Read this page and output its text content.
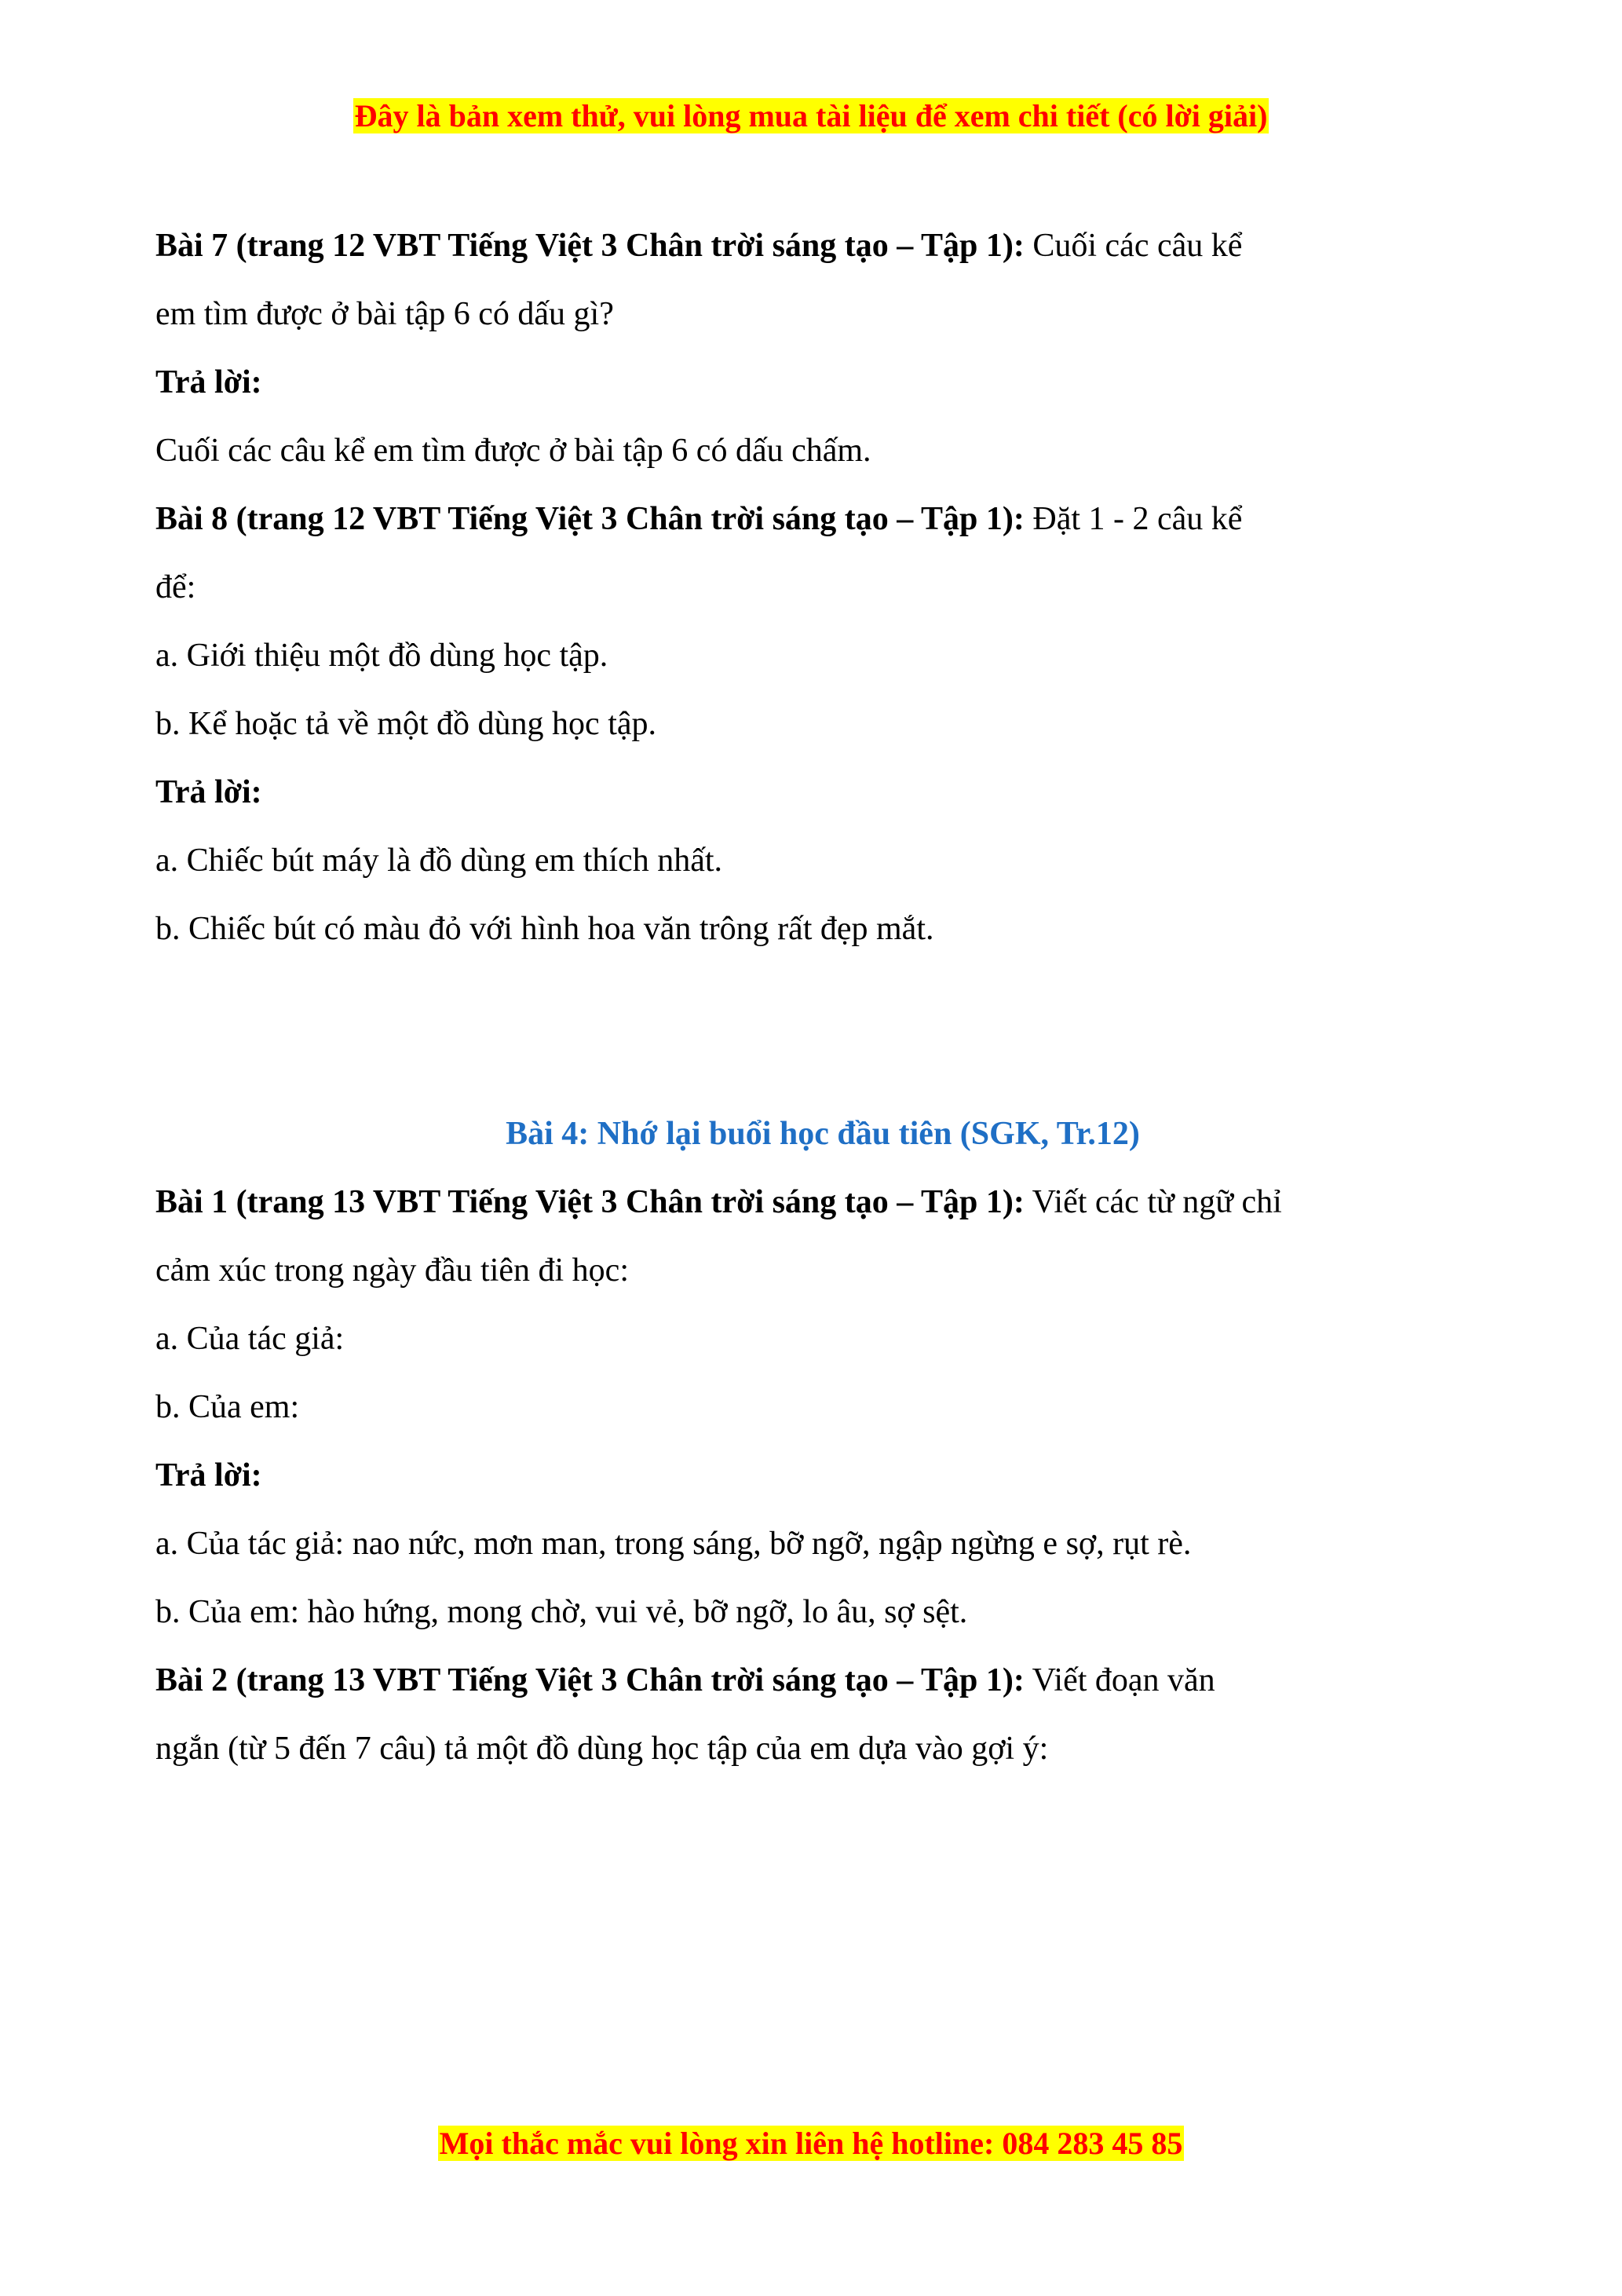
Đây là bản xem thử, vui lòng mua tài liệu để xem chi tiết (có lời giải)
Bài 7 (trang 12 VBT Tiếng Việt 3 Chân trời sáng tạo – Tập 1): Cuối các câu kể
em tìm được ở bài tập 6 có dấu gì?
Trả lời:
Cuối các câu kể em tìm được ở bài tập 6 có dấu chấm.
Bài 8 (trang 12 VBT Tiếng Việt 3 Chân trời sáng tạo – Tập 1): Đặt 1 - 2 câu kể
để:
a. Giới thiệu một đồ dùng học tập.
b. Kể hoặc tả về một đồ dùng học tập.
Trả lời:
a. Chiếc bút máy là đồ dùng em thích nhất.
b. Chiếc bút có màu đỏ với hình hoa văn trông rất đẹp mắt.
Bài 4: Nhớ lại buổi học đầu tiên (SGK, Tr.12)
Bài 1 (trang 13 VBT Tiếng Việt 3 Chân trời sáng tạo – Tập 1): Viết các từ ngữ chỉ
cảm xúc trong ngày đầu tiên đi học:
a. Của tác giả:
b. Của em:
Trả lời:
a. Của tác giả: nao nức, mơn man, trong sáng, bỡ ngỡ, ngập ngừng e sợ, rụt rè.
b. Của em: hào hứng, mong chờ, vui vẻ, bỡ ngỡ, lo âu, sợ sệt.
Bài 2 (trang 13 VBT Tiếng Việt 3 Chân trời sáng tạo – Tập 1): Viết đoạn văn
ngắn (từ 5 đến 7 câu) tả một đồ dùng học tập của em dựa vào gợi ý:
Mọi thắc mắc vui lòng xin liên hệ hotline: 084 283 45 85
